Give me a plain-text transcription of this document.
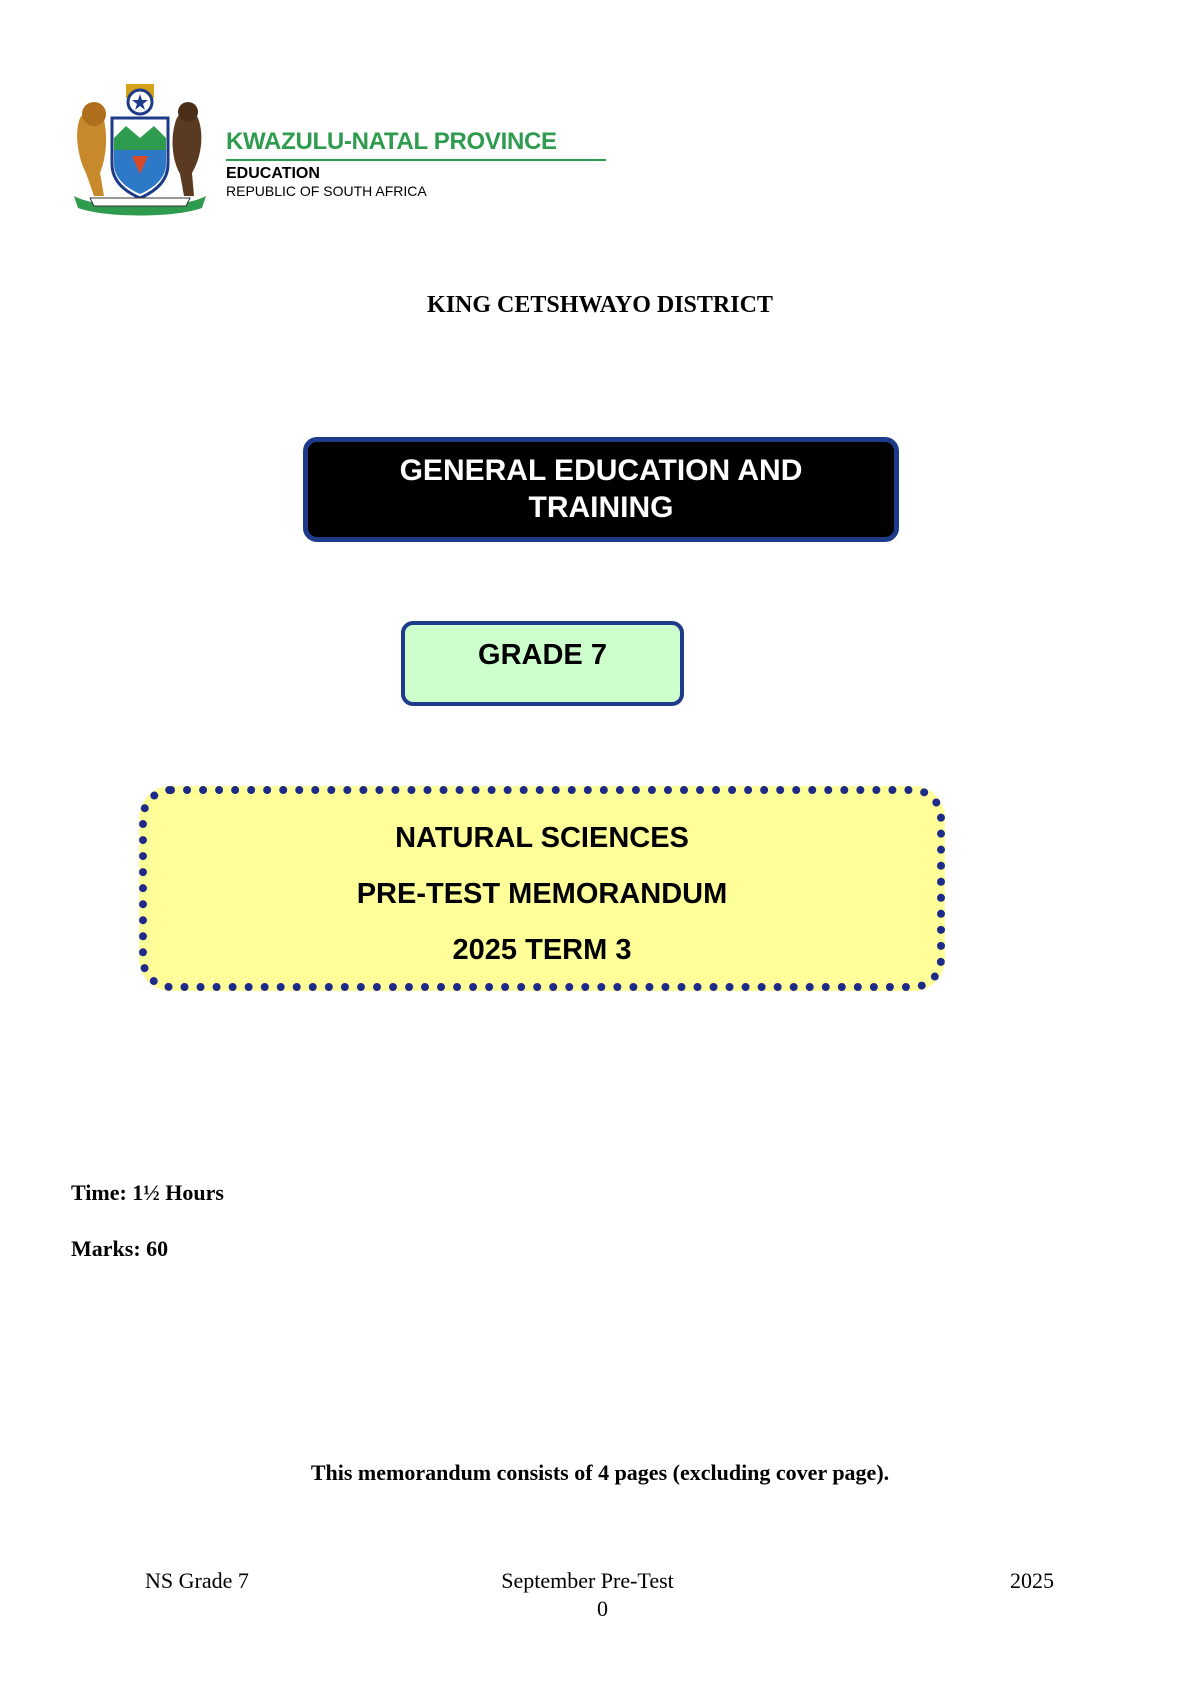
KWAZULU-NATAL PROVINCE
EDUCATION
REPUBLIC OF SOUTH AFRICA
KING CETSHWAYO DISTRICT
GENERAL EDUCATION AND
TRAINING
GRADE 7
NATURAL SCIENCES
PRE-TEST MEMORANDUM
2025 TERM 3
Time: 1½ Hours
Marks: 60
This memorandum consists of 4 pages (excluding cover page).
NS Grade 7	September Pre-Test	2025
0
